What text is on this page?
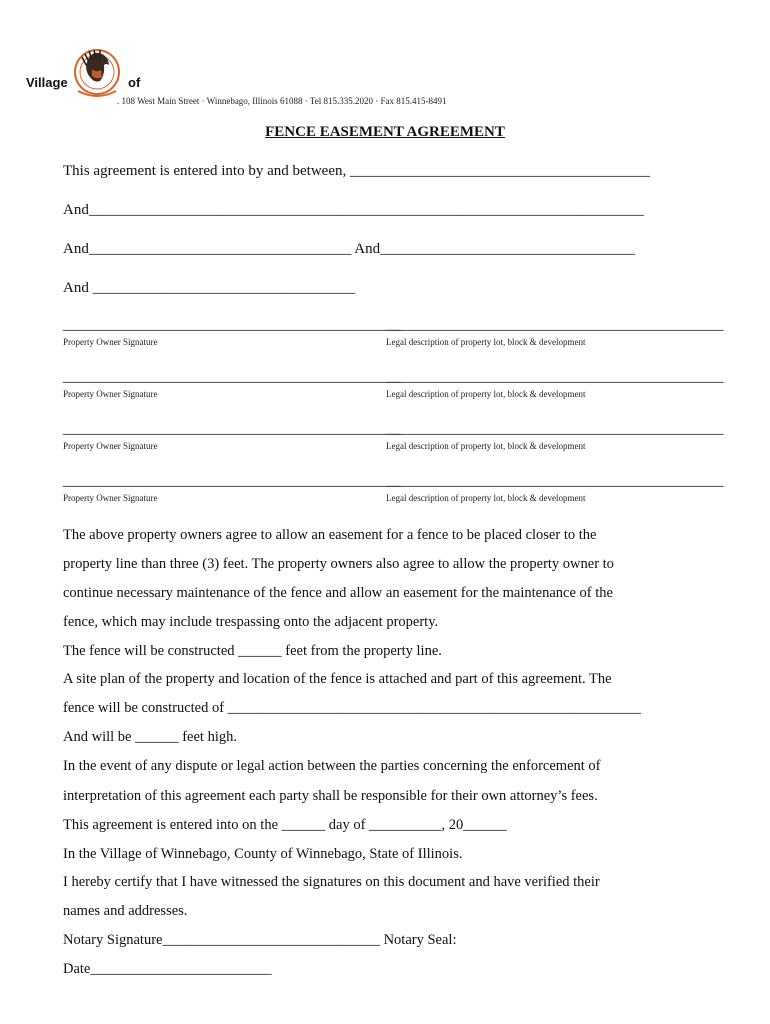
Village	of
. 108 West Main Street · Winnebago, Illinois 61088 · Tel 815.335.2020 · Fax 815.415-8491
FENCE EASEMENT AGREEMENT
This agreement is entered into by and between, ________________________________________
And__________________________________________________________________________
And___________________________________ And__________________________________
And ___________________________________
_____________________________________________
_____________________________________________
Property Owner Signature	Legal description of property lot, block & development
_____________________________________________
_____________________________________________
Property Owner Signature	Legal description of property lot, block & development
_____________________________________________
_____________________________________________
Property Owner Signature	Legal description of property lot, block & development
_____________________________________________
_____________________________________________
Property Owner Signature	Legal description of property lot, block & development
The above property owners agree to allow an easement for a fence to be placed closer to the
property line than three (3) feet. The property owners also agree to allow the property owner to
continue necessary maintenance of the fence and allow an easement for the maintenance of the
fence, which may include trespassing onto the adjacent property.
The fence will be constructed ______ feet from the property line.
A site plan of the property and location of the fence is attached and part of this agreement. The
fence will be constructed of _________________________________________________________
And will be ______ feet high.
In the event of any dispute or legal action between the parties concerning the enforcement of
interpretation of this agreement each party shall be responsible for their own attorney’s fees.
This agreement is entered into on the ______ day of __________, 20______
In the Village of Winnebago, County of Winnebago, State of Illinois.
I hereby certify that I have witnessed the signatures on this document and have verified their
names and addresses.
Notary Signature______________________________ Notary Seal:
Date_________________________
